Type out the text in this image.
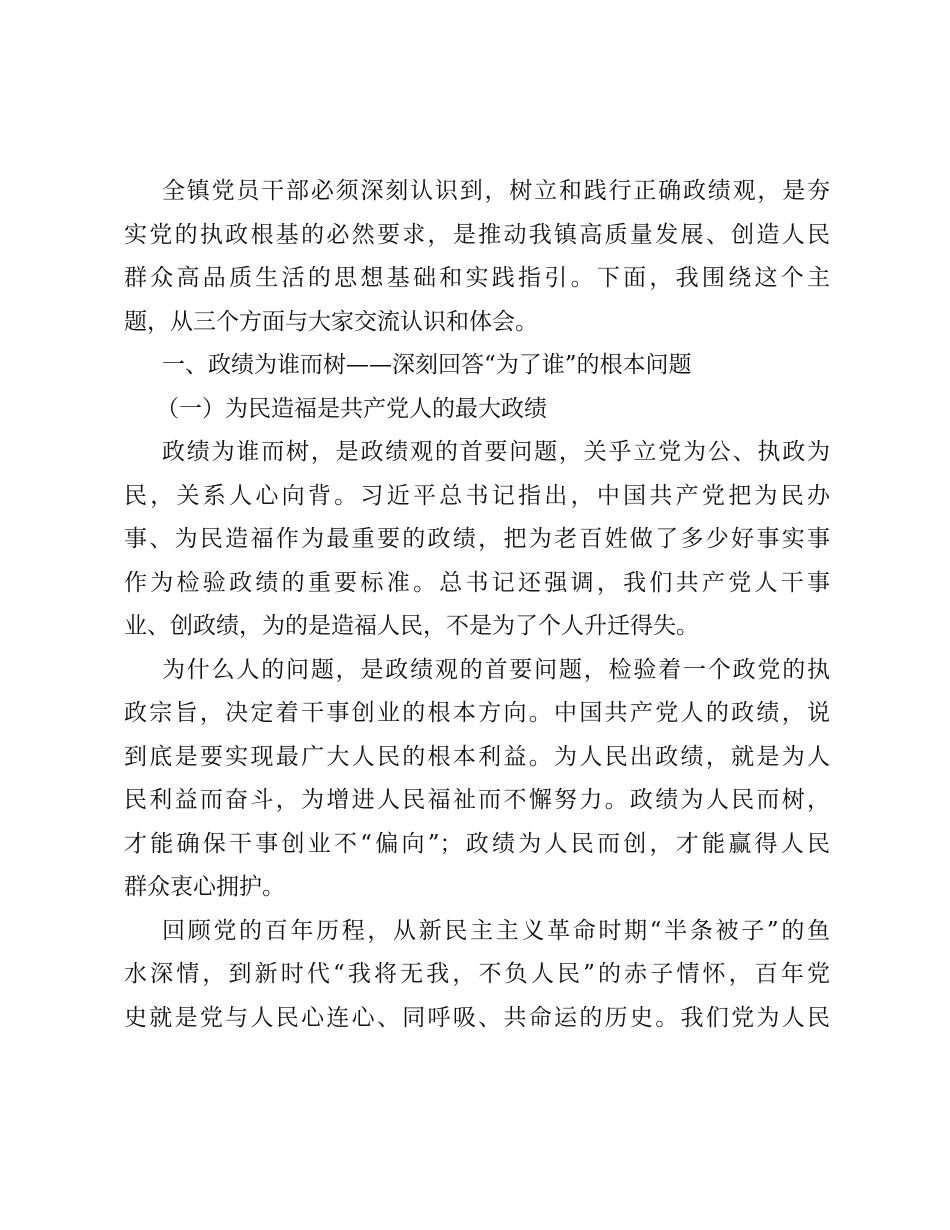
全镇党员干部必须深刻认识到，树立和践行正确政绩观，是夯
实党的执政根基的必然要求，是推动我镇高质量发展、创造人民
群众高品质生活的思想基础和实践指引。下面，我围绕这个主
题，从三个方面与大家交流认识和体会。
一、政绩为谁而树——深刻回答“为了谁”的根本问题
（一）为民造福是共产党人的最大政绩
政绩为谁而树，是政绩观的首要问题，关乎立党为公、执政为
民，关系人心向背。习近平总书记指出，中国共产党把为民办
事、为民造福作为最重要的政绩，把为老百姓做了多少好事实事
作为检验政绩的重要标准。总书记还强调，我们共产党人干事
业、创政绩，为的是造福人民，不是为了个人升迁得失。
为什么人的问题，是政绩观的首要问题，检验着一个政党的执
政宗旨，决定着干事创业的根本方向。中国共产党人的政绩，说
到底是要实现最广大人民的根本利益。为人民出政绩，就是为人
民利益而奋斗，为增进人民福祉而不懈努力。政绩为人民而树，
才能确保干事创业不“偏向”；政绩为人民而创，才能赢得人民
群众衷心拥护。
回顾党的百年历程，从新民主主义革命时期“半条被子”的鱼
水深情，到新时代“我将无我，不负人民”的赤子情怀，百年党
史就是党与人民心连心、同呼吸、共命运的历史。我们党为人民
